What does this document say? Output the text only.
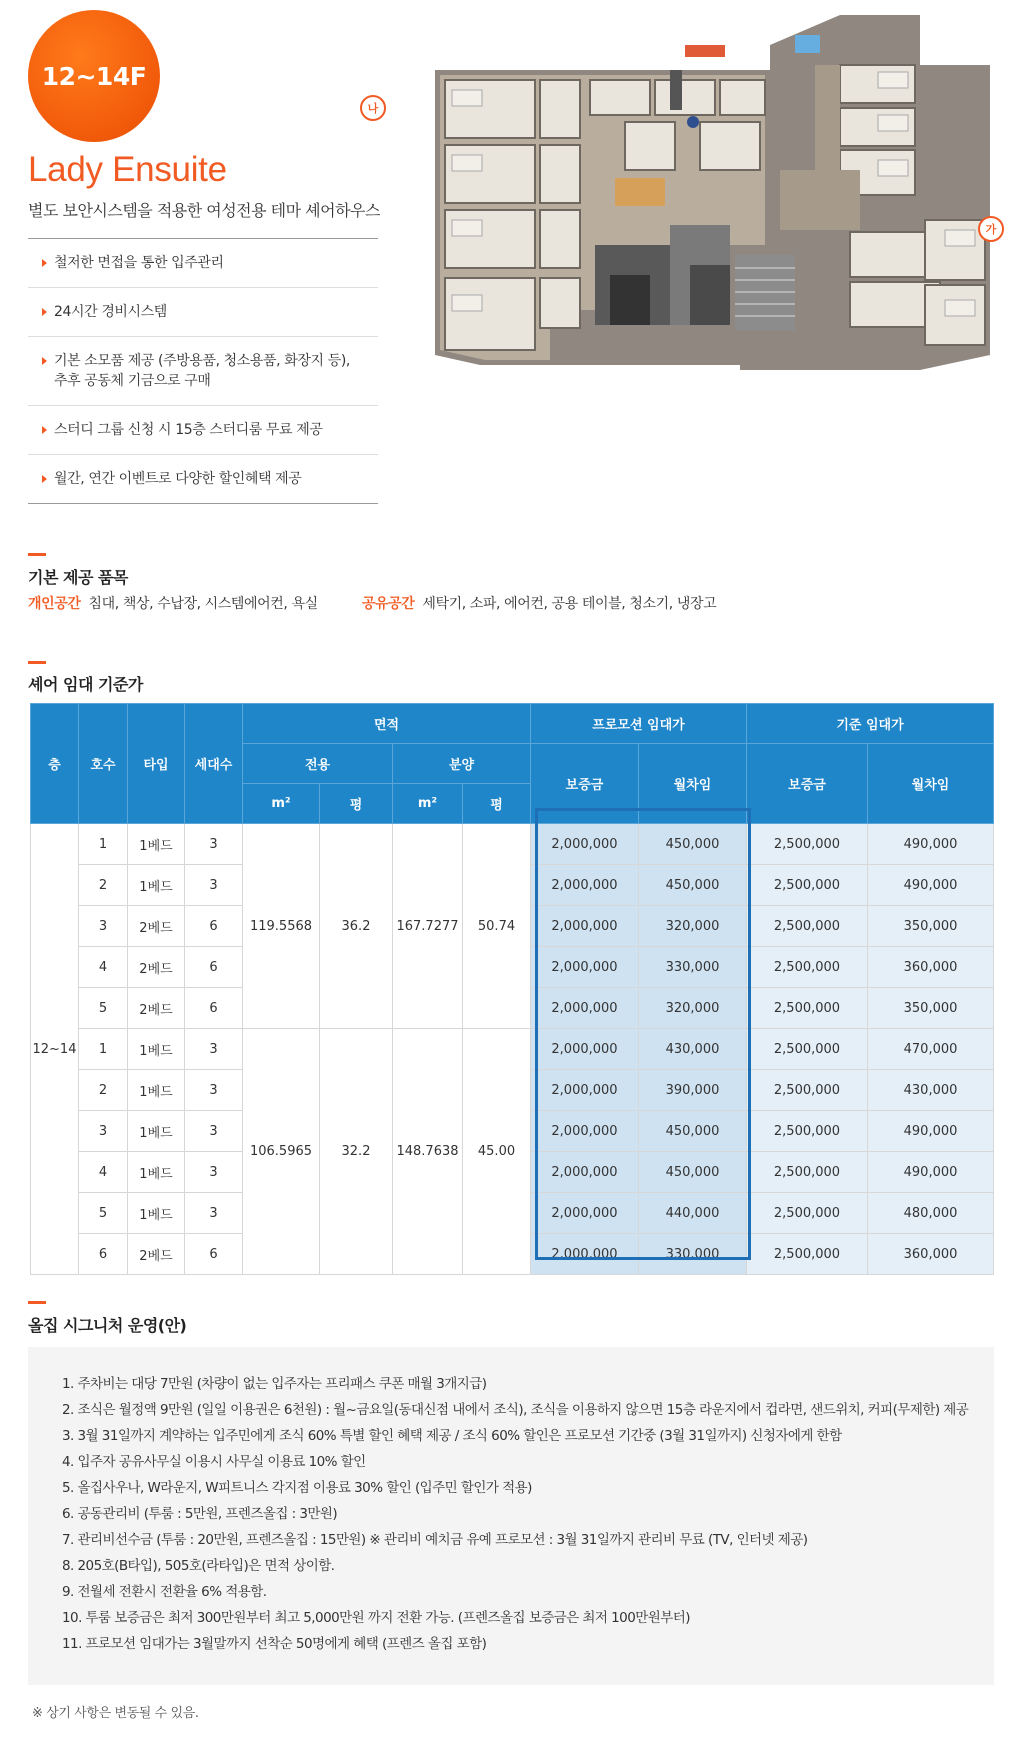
12~14F
Lady Ensuite
별도 보안시스템을 적용한 여성전용 테마 셰어하우스
철저한 면접을 통한 입주관리
24시간 경비시스템
기본 소모품 제공 (주방용품, 청소용품, 화장지 등),
추후 공동체 기금으로 구매
스터디 그룹 신청 시 15층 스터디룸 무료 제공
월간, 연간 이벤트로 다양한 할인혜택 제공
나
가
기본 제공 품목
개인공간 침대, 책상, 수납장, 시스템에어컨, 욕실	공유공간 세탁기, 소파, 에어컨, 공용 테이블, 청소기, 냉장고
셰어 임대 기준가
층	호수	타입	세대수	면적				프로모션 임대가		기준 임대가	
				전용		분양		보증금	월차임	보증금	월차임
				m²	평	m²	평				
12~14	1	1베드	3	119.5568	36.2	167.7277	50.74	2,000,000	450,000	2,500,000	490,000
	2	1베드	3					2,000,000	450,000	2,500,000	490,000
	3	2베드	6					2,000,000	320,000	2,500,000	350,000
	4	2베드	6					2,000,000	330,000	2,500,000	360,000
	5	2베드	6					2,000,000	320,000	2,500,000	350,000
	1	1베드	3	106.5965	32.2	148.7638	45.00	2,000,000	430,000	2,500,000	470,000
	2	1베드	3					2,000,000	390,000	2,500,000	430,000
	3	1베드	3					2,000,000	450,000	2,500,000	490,000
	4	1베드	3					2,000,000	450,000	2,500,000	490,000
	5	1베드	3					2,000,000	440,000	2,500,000	480,000
	6	2베드	6					2,000,000	330,000	2,500,000	360,000
올집 시그니처 운영(안)
1. 주차비는 대당 7만원 (차량이 없는 입주자는 프리패스 쿠폰 매월 3개지급)
2. 조식은 월정액 9만원 (일일 이용권은 6천원) : 월~금요일(동대신점 내에서 조식), 조식을 이용하지 않으면 15층 라운지에서 컵라면, 샌드위치, 커피(무제한) 제공
3. 3월 31일까지 계약하는 입주민에게 조식 60% 특별 할인 혜택 제공 / 조식 60% 할인은 프로모션 기간중 (3월 31일까지) 신청자에게 한함
4. 입주자 공유사무실 이용시 사무실 이용료 10% 할인
5. 올집사우나, W라운지, W피트니스 각지점 이용료 30% 할인 (입주민 할인가 적용)
6. 공동관리비 (투룸 : 5만원, 프렌즈올집 : 3만원)
7. 관리비선수금 (투룸 : 20만원, 프렌즈올집 : 15만원) ※ 관리비 예치금 유예 프로모션 : 3월 31일까지 관리비 무료 (TV, 인터넷 제공)
8. 205호(B타입), 505호(라타입)은 면적 상이함.
9. 전월세 전환시 전환율 6% 적용함.
10. 투룸 보증금은 최저 300만원부터 최고 5,000만원 까지 전환 가능. (프렌즈올집 보증금은 최저 100만원부터)
11. 프로모션 임대가는 3월말까지 선착순 50명에게 혜택 (프렌즈 올집 포함)
※ 상기 사항은 변동될 수 있음.
